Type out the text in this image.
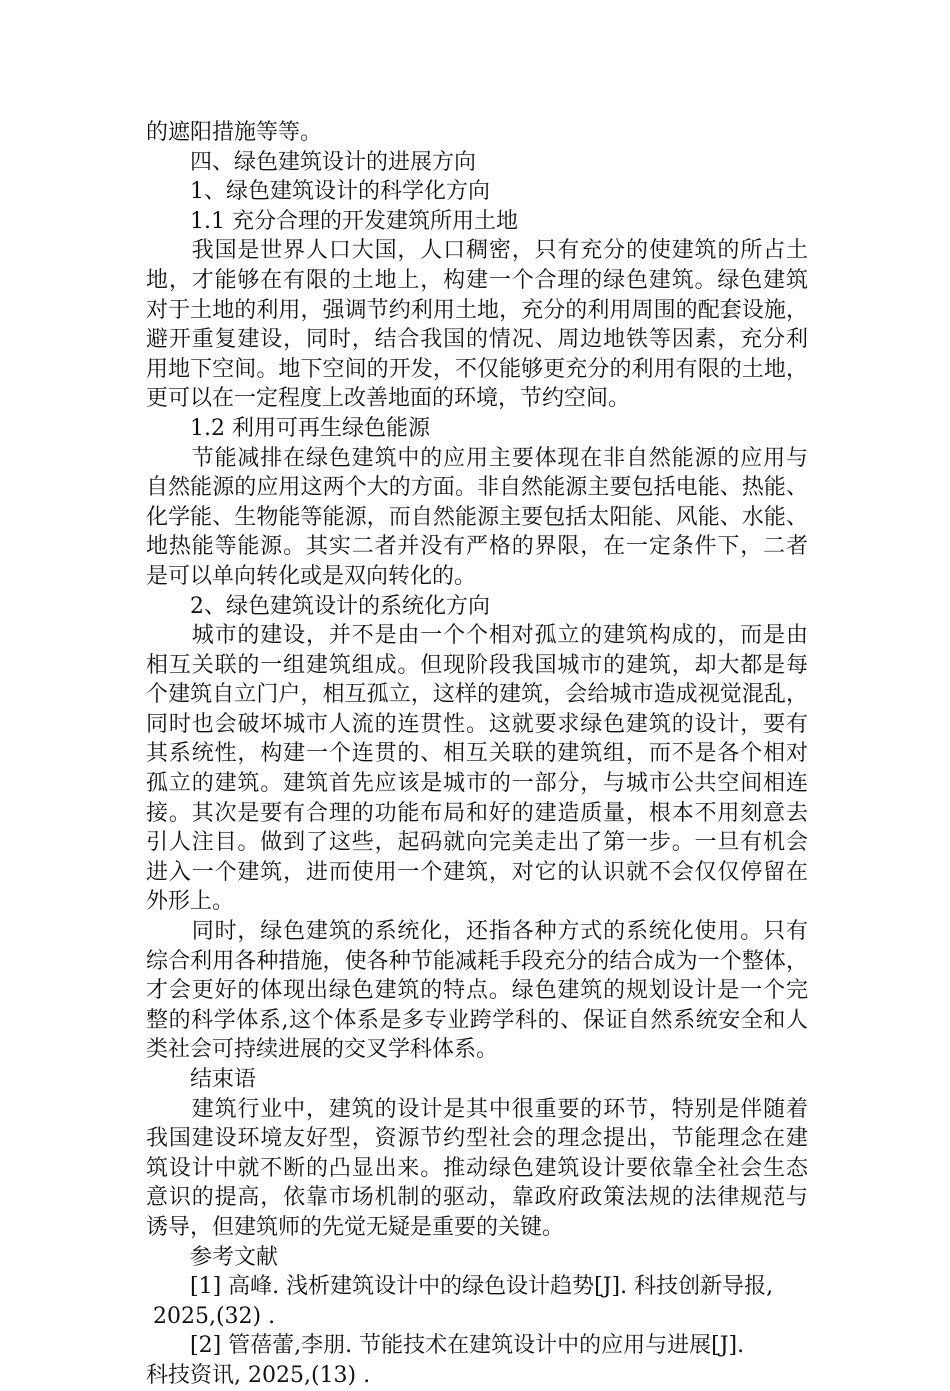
的遮阳措施等等。
　　四、绿色建筑设计的进展方向
　　1、绿色建筑设计的科学化方向
　　1.1 充分合理的开发建筑所用土地
　　我国是世界人口大国，人口稠密，只有充分的使建筑的所占土
地，才能够在有限的土地上，构建一个合理的绿色建筑。绿色建筑
对于土地的利用，强调节约利用土地，充分的利用周围的配套设施，
避开重复建设，同时，结合我国的情况、周边地铁等因素，充分利
用地下空间。地下空间的开发，不仅能够更充分的利用有限的土地，
更可以在一定程度上改善地面的环境，节约空间。
　　1.2 利用可再生绿色能源
　　节能减排在绿色建筑中的应用主要体现在非自然能源的应用与
自然能源的应用这两个大的方面。非自然能源主要包括电能、热能、
化学能、生物能等能源，而自然能源主要包括太阳能、风能、水能、
地热能等能源。其实二者并没有严格的界限，在一定条件下，二者
是可以单向转化或是双向转化的。
　　2、绿色建筑设计的系统化方向
　　城市的建设，并不是由一个个相对孤立的建筑构成的，而是由
相互关联的一组建筑组成。但现阶段我国城市的建筑，却大都是每
个建筑自立门户，相互孤立，这样的建筑，会给城市造成视觉混乱，
同时也会破坏城市人流的连贯性。这就要求绿色建筑的设计，要有
其系统性，构建一个连贯的、相互关联的建筑组，而不是各个相对
孤立的建筑。建筑首先应该是城市的一部分，与城市公共空间相连
接。其次是要有合理的功能布局和好的建造质量，根本不用刻意去
引人注目。做到了这些，起码就向完美走出了第一步。一旦有机会
进入一个建筑，进而使用一个建筑，对它的认识就不会仅仅停留在
外形上。
　　同时，绿色建筑的系统化，还指各种方式的系统化使用。只有
综合利用各种措施，使各种节能减耗手段充分的结合成为一个整体，
才会更好的体现出绿色建筑的特点。绿色建筑的规划设计是一个完
整的科学体系,这个体系是多专业跨学科的、保证自然系统安全和人
类社会可持续进展的交叉学科体系。
　　结束语
　　建筑行业中，建筑的设计是其中很重要的环节，特别是伴随着
我国建设环境友好型，资源节约型社会的理念提出，节能理念在建
筑设计中就不断的凸显出来。推动绿色建筑设计要依靠全社会生态
意识的提高，依靠市场机制的驱动，靠政府政策法规的法律规范与
诱导，但建筑师的先觉无疑是重要的关键。
　　参考文献
　　[1] 高峰. 浅析建筑设计中的绿色设计趋势[J]. 科技创新导报,
2025,(32) .
　　[2] 管蓓蕾,李朋. 节能技术在建筑设计中的应用与进展[J].
科技资讯, 2025,(13) .
